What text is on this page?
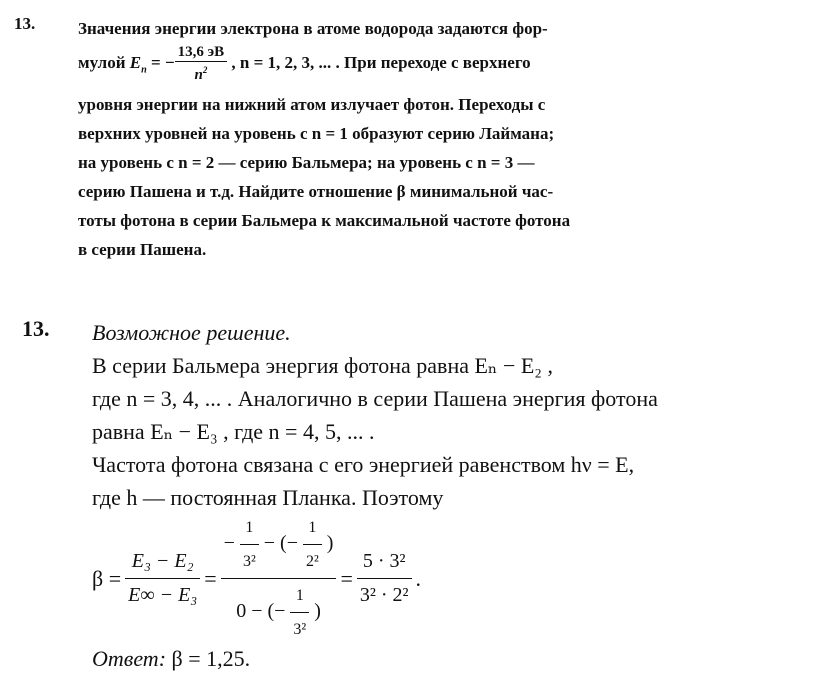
13.	Значения энергии электрона в атоме водорода задаются фор-
мулой $E_n$ = − $\frac{13,6 эВ}{n^2}$ , n = 1, 2, 3, ... . При переходе с верхнего
уровня энергии на нижний атом излучает фотон. Переходы с
верхних уровней на уровень с n = 1 образуют серию Лаймана;
на уровень с n = 2 — серию Бальмера; на уровень с n = 3 —
серию Пашена и т.д. Найдите отношение β минимальной час-
тоты фотона в серии Бальмера к максимальной частоте фотона
в серии Пашена.
13. Возможное решение.
В серии Бальмера энергия фотона равна Eₙ − E₂ ,
где n = 3, 4, ... . Аналогично в серии Пашена энергия фотона
равна Eₙ − E₃ , где n = 4, 5, ... .
Частота фотона связана с его энергией равенством hν = E,
где h — постоянная Планка. Поэтому
$\beta = \frac{\text{E₃ − E₂}}{\text{E∞ − E₃}} = \frac{- \frac{1}{\text{3²}} - (- \frac{1}{\text{2²}} )}{0 - (- \frac{1}{\text{3²}} )} = \frac{\text{5 · 3²}}{\text{3² · 2²}}$ .
Ответ: β = 1,25.
